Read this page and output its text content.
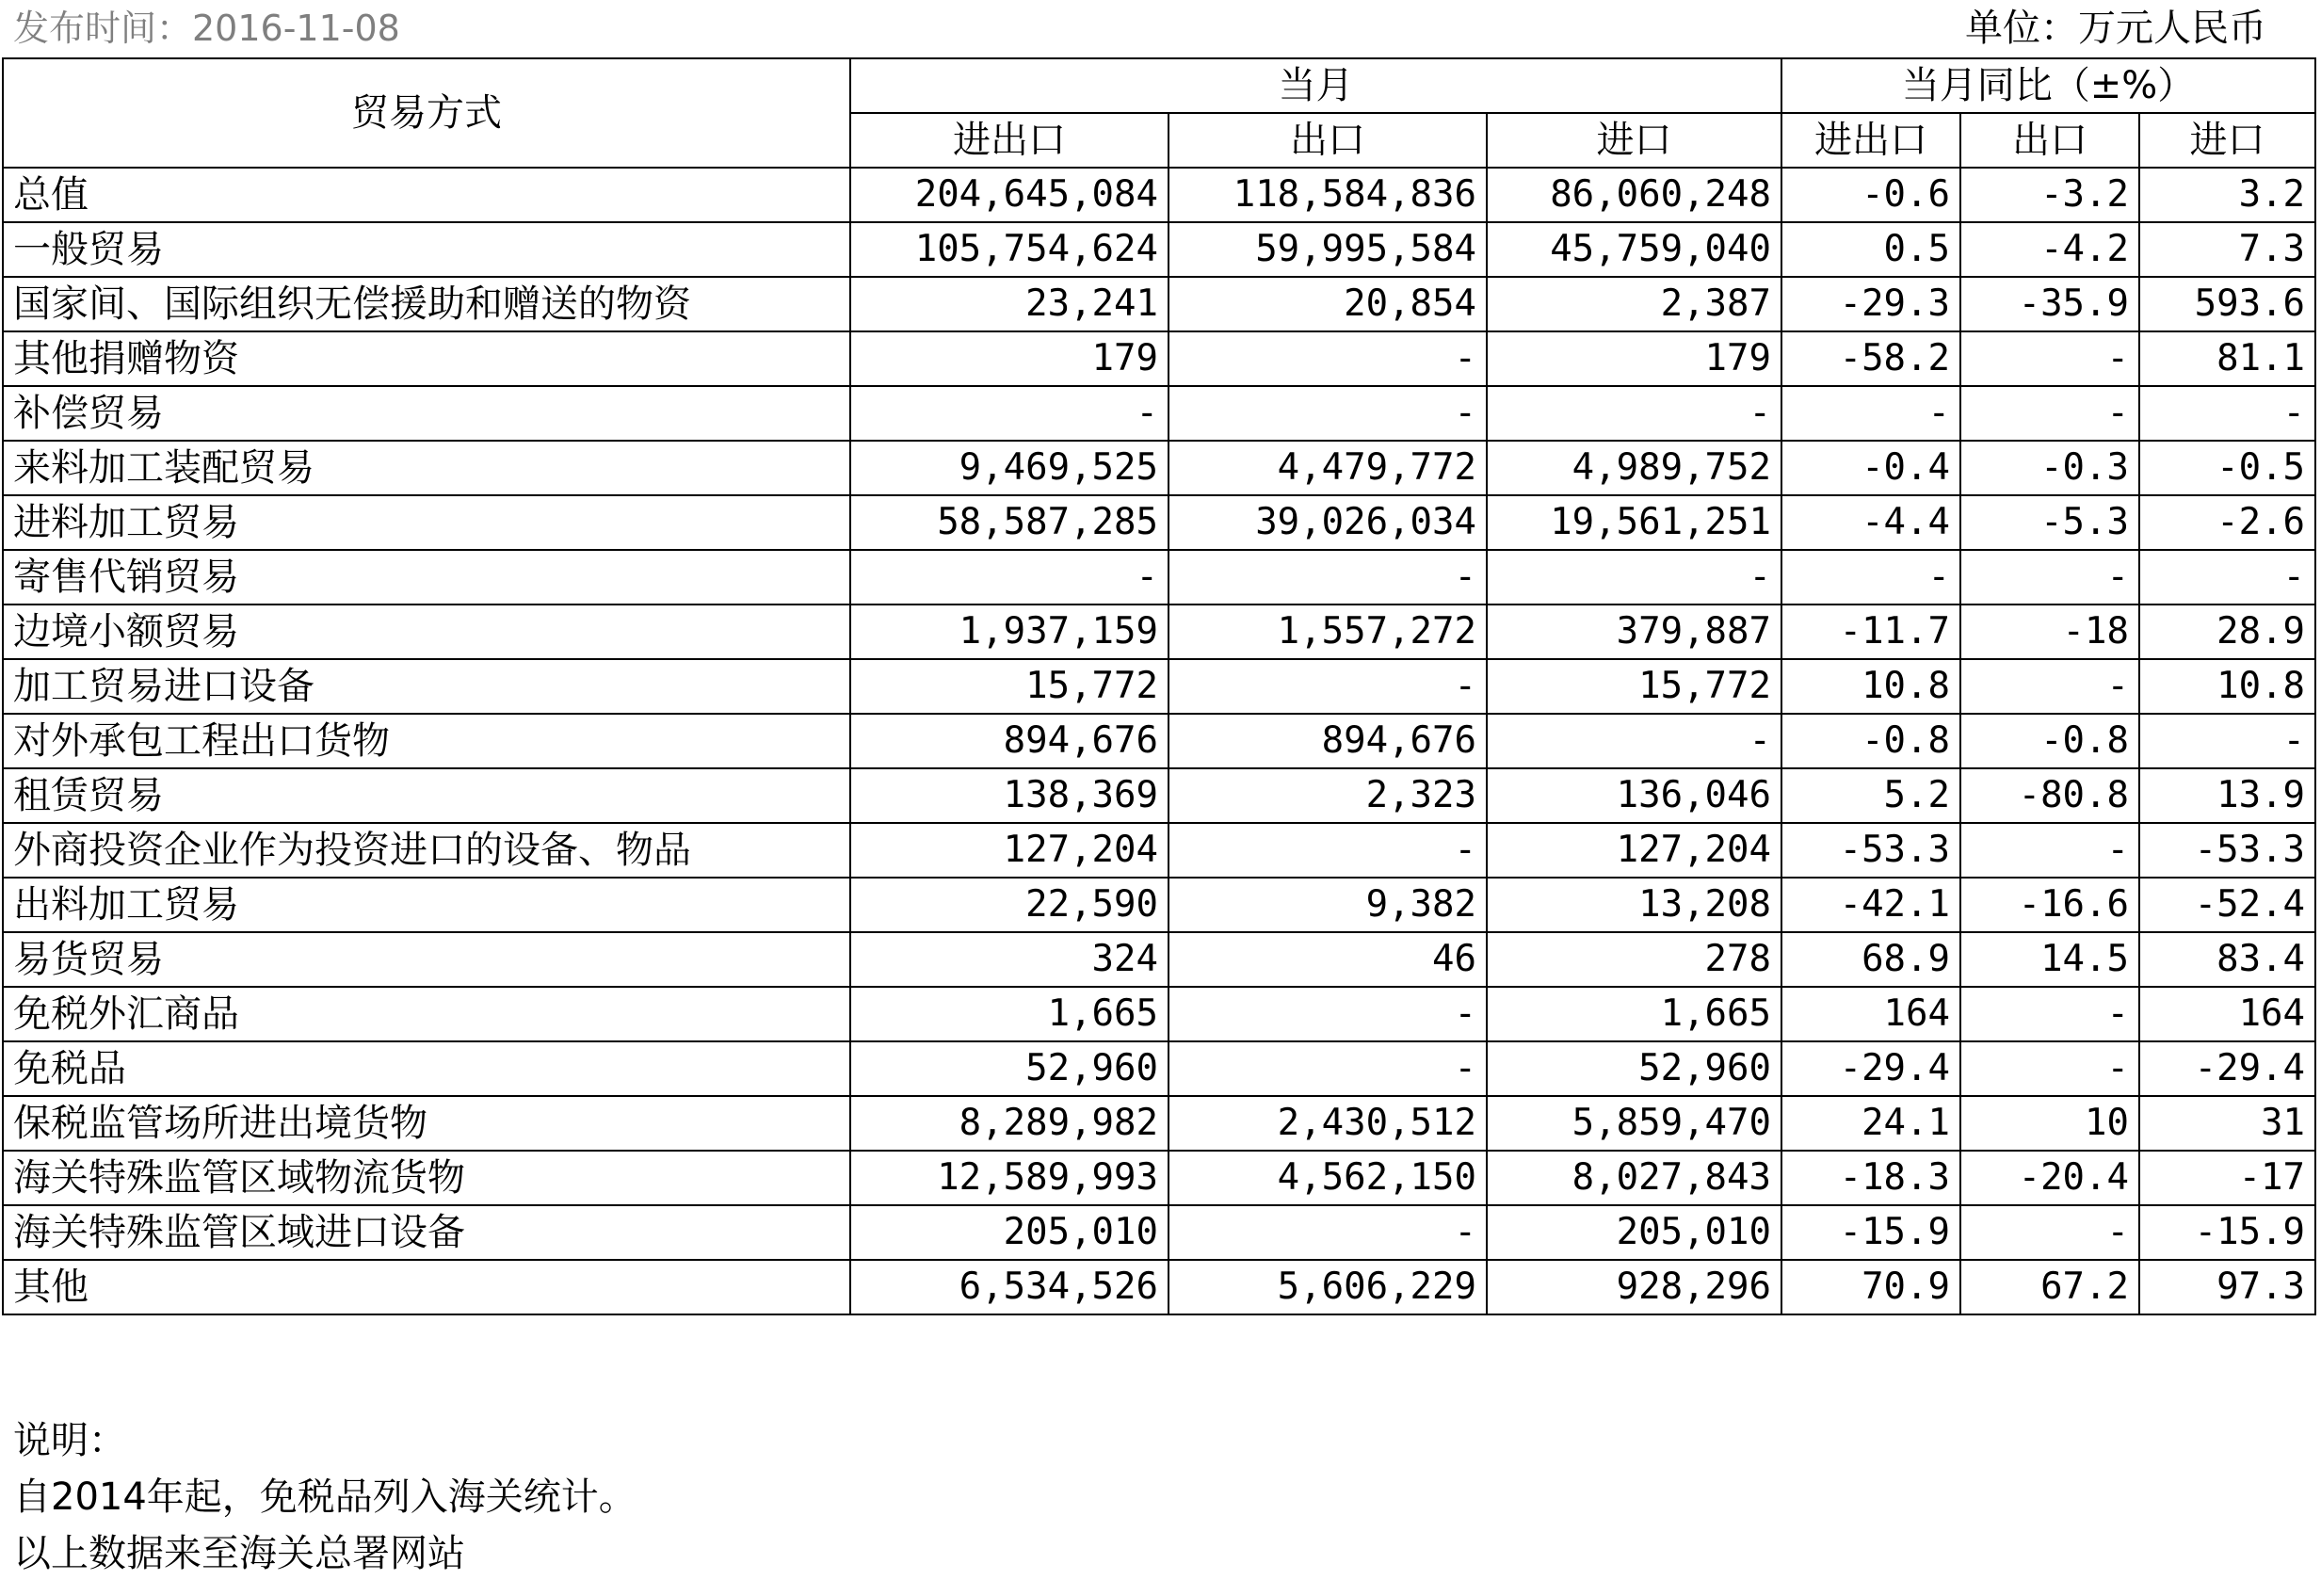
发布时间：2016-11-08	单位：万元人民币
贸易方式	当月			当月同比（±%）		
	进出口	出口	进口	进出口	出口	进口
总值	204,645,084	118,584,836	86,060,248	-0.6	-3.2	3.2
一般贸易	105,754,624	59,995,584	45,759,040	0.5	-4.2	7.3
国家间、国际组织无偿援助和赠送的物资	23,241	20,854	2,387	-29.3	-35.9	593.6
其他捐赠物资	179	-	179	-58.2	-	81.1
补偿贸易	-	-	-	-	-	-
来料加工装配贸易	9,469,525	4,479,772	4,989,752	-0.4	-0.3	-0.5
进料加工贸易	58,587,285	39,026,034	19,561,251	-4.4	-5.3	-2.6
寄售代销贸易	-	-	-	-	-	-
边境小额贸易	1,937,159	1,557,272	379,887	-11.7	-18	28.9
加工贸易进口设备	15,772	-	15,772	10.8	-	10.8
对外承包工程出口货物	894,676	894,676	-	-0.8	-0.8	-
租赁贸易	138,369	2,323	136,046	5.2	-80.8	13.9
外商投资企业作为投资进口的设备、物品	127,204	-	127,204	-53.3	-	-53.3
出料加工贸易	22,590	9,382	13,208	-42.1	-16.6	-52.4
易货贸易	324	46	278	68.9	14.5	83.4
免税外汇商品	1,665	-	1,665	164	-	164
免税品	52,960	-	52,960	-29.4	-	-29.4
保税监管场所进出境货物	8,289,982	2,430,512	5,859,470	24.1	10	31
海关特殊监管区域物流货物	12,589,993	4,562,150	8,027,843	-18.3	-20.4	-17
海关特殊监管区域进口设备	205,010	-	205,010	-15.9	-	-15.9
其他	6,534,526	5,606,229	928,296	70.9	67.2	97.3
说明：
自2014年起，免税品列入海关统计。
以上数据来至海关总署网站
